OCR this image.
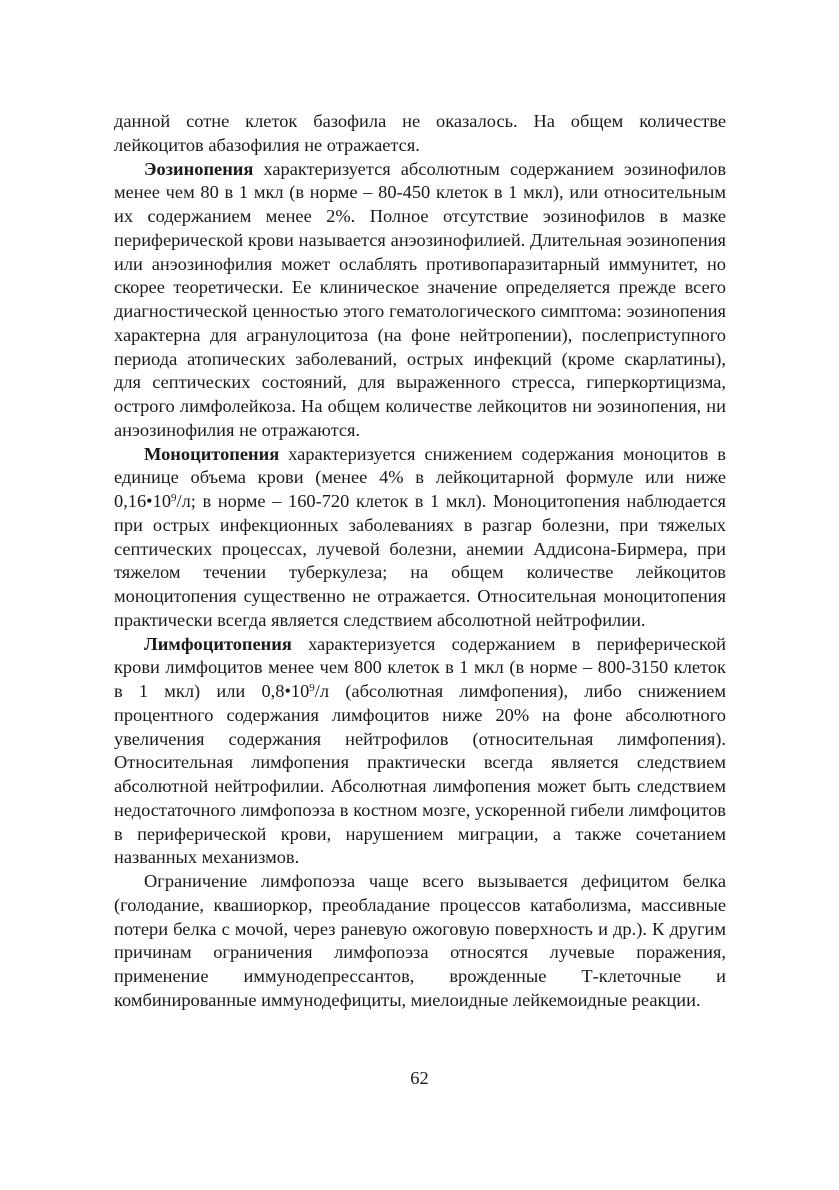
данной сотне клеток базофила не оказалось. На общем количестве лейкоцитов абазофилия не отражается.

Эозинопения характеризуется абсолютным содержанием эозинофилов менее чем 80 в 1 мкл (в норме – 80-450 клеток в 1 мкл), или относительным их содержанием менее 2%. Полное отсутствие эозинофилов в мазке периферической крови называется анэозинофилией. Длительная эозинопения или анэозинофилия может ослаблять противопаразитарный иммунитет, но скорее теоретически. Ее клиническое значение определяется прежде всего диагностической ценностью этого гематологического симптома: эозинопения характерна для агранулоцитоза (на фоне нейтропении), послеприступного периода атопических заболеваний, острых инфекций (кроме скарлатины), для септических состояний, для выраженного стресса, гиперкортицизма, острого лимфолейкоза. На общем количестве лейкоцитов ни эозинопения, ни анэозинофилия не отражаются.

Моноцитопения характеризуется снижением содержания моноцитов в единице объема крови (менее 4% в лейкоцитарной формуле или ниже $0,16•10^9/л$; в норме – 160-720 клеток в 1 мкл). Моноцитопения наблюдается при острых инфекционных заболеваниях в разгар болезни, при тяжелых септических процессах, лучевой болезни, анемии Аддисона-Бирмера, при тяжелом течении туберкулеза; на общем количестве лейкоцитов моноцитопения существенно не отражается. Относительная моноцитопения практически всегда является следствием абсолютной нейтрофилии.

Лимфоцитопения характеризуется содержанием в периферической крови лимфоцитов менее чем 800 клеток в 1 мкл (в норме – 800-3150 клеток в 1 мкл) или $0,8•10^9/л$ (абсолютная лимфопения), либо снижением процентного содержания лимфоцитов ниже 20% на фоне абсолютного увеличения содержания нейтрофилов (относительная лимфопения). Относительная лимфопения практически всегда является следствием абсолютной нейтрофилии. Абсолютная лимфопения может быть следствием недостаточного лимфопоэза в костном мозге, ускоренной гибели лимфоцитов в периферической крови, нарушением миграции, а также сочетанием названных механизмов.

Ограничение лимфопоэза чаще всего вызывается дефицитом белка (голодание, квашиоркор, преобладание процессов катаболизма, массивные потери белка с мочой, через раневую ожоговую поверхность и др.). К другим причинам ограничения лимфопоэза относятся лучевые поражения, применение иммунодепрессантов, врожденные Т-клеточные и комбинированные иммунодефициты, миелоидные лейкемоидные реакции.

62
